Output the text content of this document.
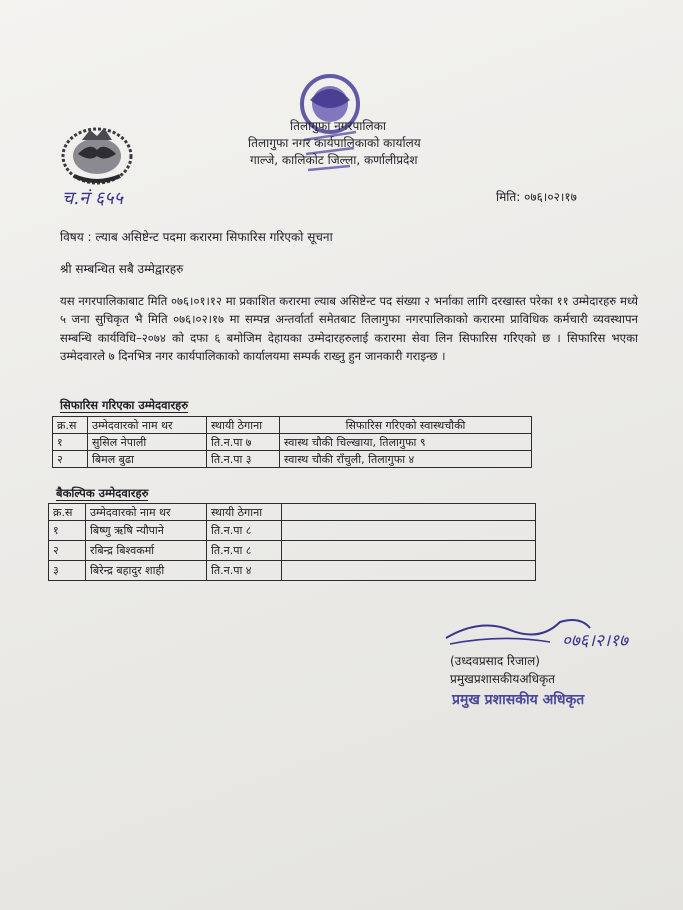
तिलागुफा नगरपालिका
तिलागुफा नगर कार्यपालिकाको कार्यालय
गाल्जे, कालिकोट जिल्ला, कर्णालीप्रदेश
च.नं ६५५	मिति: ०७६।०२।१७
विषय : ल्याब असिष्टेन्ट पदमा करारमा सिफारिस गरिएको सूचना
श्री सम्बन्धित सबै उम्मेद्वारहरु
यस नगरपालिकाबाट मिति ०७६।०१।१२ मा प्रकाशित करारमा ल्याब असिष्टेन्ट पद संख्या २ भर्नाका लागि दरखास्त परेका ११ उम्मेदारहरु मध्ये ५ जना सुचिकृत भै मिति ०७६।०२।१७ मा सम्पन्न अन्तर्वार्ता समेतबाट तिलागुफा नगरपालिकाको करारमा प्राविधिक कर्मचारी व्यवस्थापन सम्बन्धि कार्यविधि–२०७४ को दफा ६ बमोजिम देहायका उम्मेदारहरुलाई करारमा सेवा लिन सिफारिस गरिएको छ । सिफारिस भएका उम्मेदवारले ७ दिनभित्र नगर कार्यपालिकाको कार्यालयमा सम्पर्क राख्नु हुन जानकारी गराइन्छ ।
सिफारिस गरिएका उम्मेदवारहरु
क्र.स	उम्मेदवारको नाम थर	स्थायी ठेगाना	सिफारिस गरिएको स्वास्थचौकी
१	सुसिल नेपाली	ति.न.पा ७	स्वास्थ चौकी चिल्खाया, तिलागुफा ९
२	बिमल बुढा	ति.न.पा ३	स्वास्थ चौकी राँचुली, तिलागुफा ४
बैकल्पिक उम्मेदवारहरु
क्र.स	उम्मेदवारको नाम थर	स्थायी ठेगाना	
१	बिष्णु ऋषि न्यौपाने	ति.न.पा ८	
२	रबिन्द्र बिश्वकर्मा	ति.न.पा ८	
३	बिरेन्द्र बहादुर शाही	ति.न.पा ४	
०७६।२।१७
(उध्दवप्रसाद रिजाल)
प्रमुखप्रशासकीयअधिकृत
प्रमुख प्रशासकीय अधिकृत
